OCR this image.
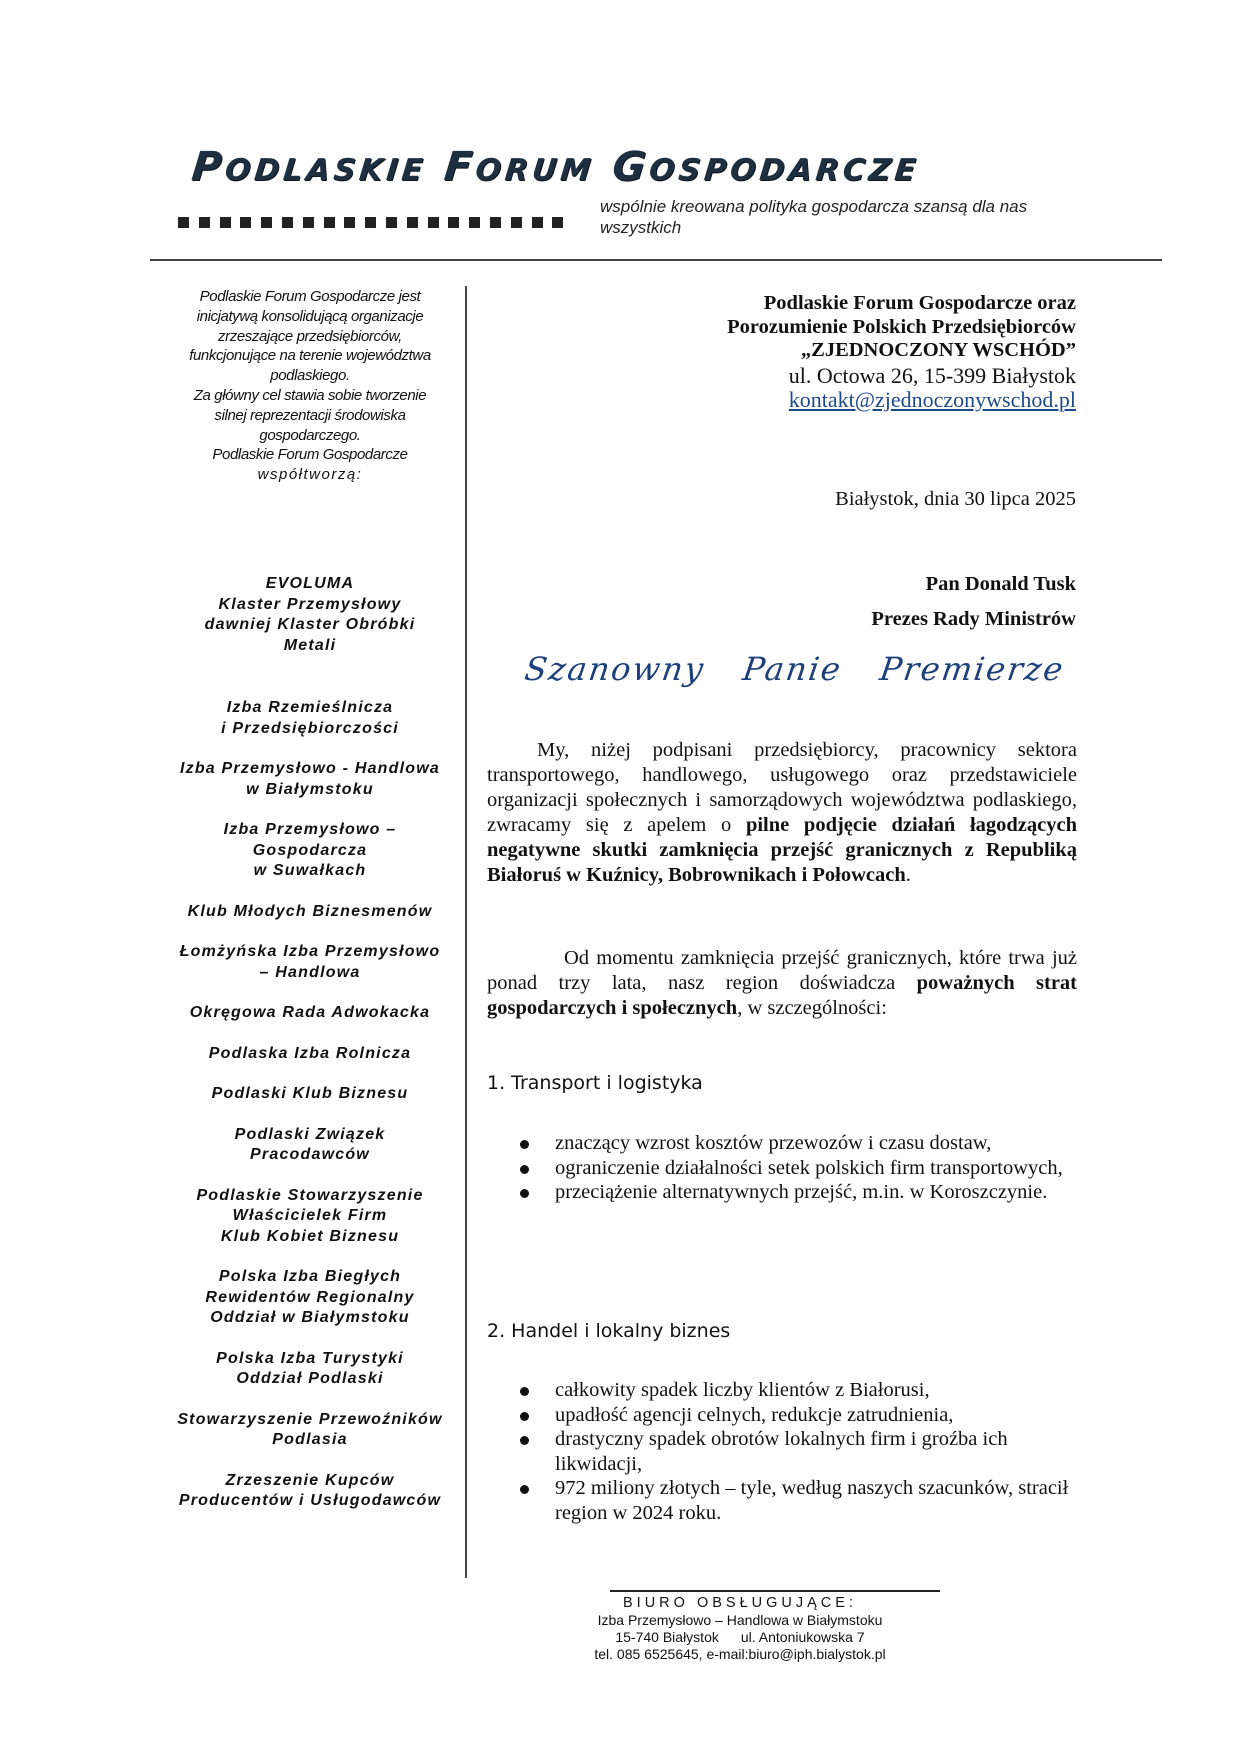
PODLASKIE FORUM GOSPODARCZE
wspólnie kreowana polityka gospodarcza szansą dla nas wszystkich
Podlaskie Forum Gospodarcze jest
inicjatywą konsolidującą organizacje
zrzeszające przedsiębiorców,
funkcjonujące na terenie województwa
podlaskiego.
Za główny cel stawia sobie tworzenie
silnej reprezentacji środowiska
gospodarczego.
Podlaskie Forum Gospodarcze
współtworzą:
EVOLUMA
Klaster Przemysłowy
dawniej Klaster Obróbki
Metali
Izba Rzemieślnicza
i Przedsiębiorczości
Izba Przemysłowo - Handlowa
w Białymstoku
Izba Przemysłowo –
Gospodarcza
w Suwałkach
Klub Młodych Biznesmenów
Łomżyńska Izba Przemysłowo
– Handlowa
Okręgowa Rada Adwokacka
Podlaska Izba Rolnicza
Podlaski Klub Biznesu
Podlaski Związek
Pracodawców
Podlaskie Stowarzyszenie
Właścicielek Firm
Klub Kobiet Biznesu
Polska Izba Biegłych
Rewidentów Regionalny
Oddział w Białymstoku
Polska Izba Turystyki
Oddział Podlaski
Stowarzyszenie Przewoźników
Podlasia
Zrzeszenie Kupców
Producentów i Usługodawców
Podlaskie Forum Gospodarcze oraz
Porozumienie Polskich Przedsiębiorców
„ZJEDNOCZONY WSCHÓD”
ul. Octowa 26, 15-399 Białystok
kontakt@zjednoczonywschod.pl
Białystok, dnia 30 lipca 2025
Pan Donald Tusk
Prezes Rady Ministrów
Szanowny Panie Premierze
My, niżej podpisani przedsiębiorcy, pracownicy sektora transportowego, handlowego, usługowego oraz przedstawiciele organizacji społecznych i samorządowych województwa podlaskiego, zwracamy się z apelem o pilne podjęcie działań łagodzących negatywne skutki zamknięcia przejść granicznych z Republiką Białoruś w Kuźnicy, Bobrownikach i Połowcach.
Od momentu zamknięcia przejść granicznych, które trwa już ponad trzy lata, nasz region doświadcza poważnych strat gospodarczych i społecznych, w szczególności:
1. Transport i logistyka
znaczący wzrost kosztów przewozów i czasu dostaw,
ograniczenie działalności setek polskich firm transportowych,
przeciążenie alternatywnych przejść, m.in. w Koroszczynie.
2. Handel i lokalny biznes
całkowity spadek liczby klientów z Białorusi,
upadłość agencji celnych, redukcje zatrudnienia,
drastyczny spadek obrotów lokalnych firm i groźba ich likwidacji,
972 miliony złotych – tyle, według naszych szacunków, stracił region w 2024 roku.
BIURO OBSŁUGUJĄCE:
Izba Przemysłowo – Handlowa w Białymstoku
15-740 Białystok ul. Antoniukowska 7
tel. 085 6525645, e-mail:biuro@iph.bialystok.pl
